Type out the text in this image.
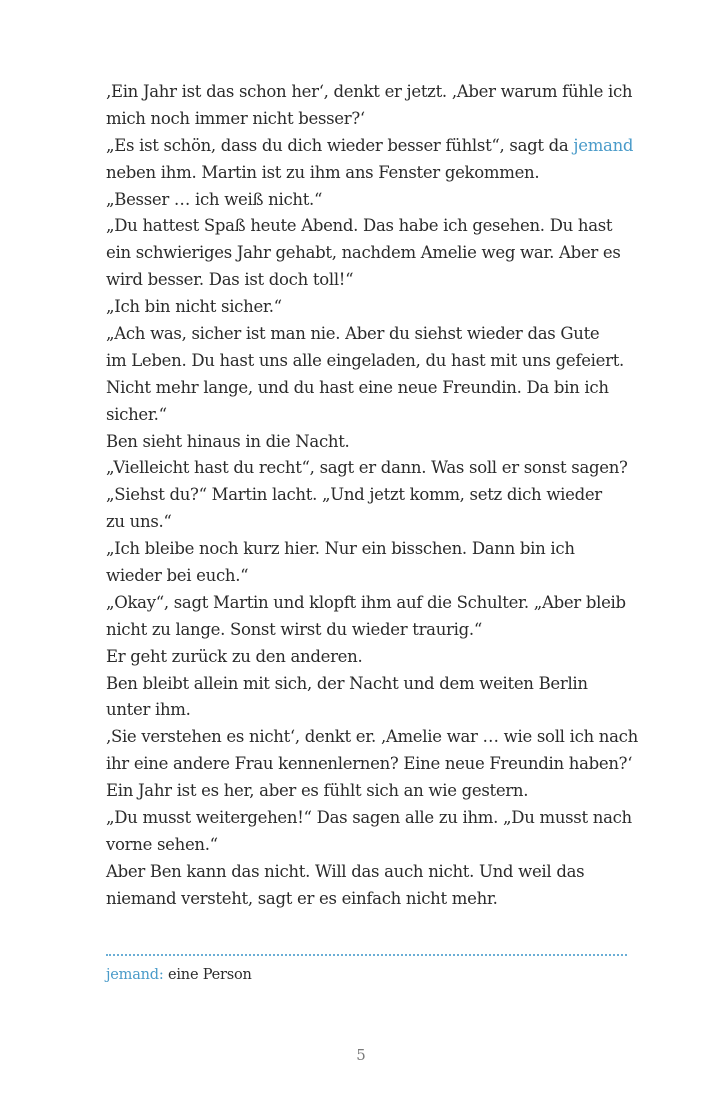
‚Ein Jahr ist das schon her‘, denkt er jetzt. ‚Aber warum fühle ich
mich noch immer nicht besser?‘
„Es ist schön, dass du dich wieder besser fühlst“, sagt da jemand
neben ihm. Martin ist zu ihm ans Fenster gekommen.
„Besser … ich weiß nicht.“
„Du hattest Spaß heute Abend. Das habe ich gesehen. Du hast
ein schwieriges Jahr gehabt, nachdem Amelie weg war. Aber es
wird besser. Das ist doch toll!“
„Ich bin nicht sicher.“
„Ach was, sicher ist man nie. Aber du siehst wieder das Gute
im Leben. Du hast uns alle eingeladen, du hast mit uns gefeiert.
Nicht mehr lange, und du hast eine neue Freundin. Da bin ich
sicher.“
Ben sieht hinaus in die Nacht.
„Vielleicht hast du recht“, sagt er dann. Was soll er sonst sagen?
„Siehst du?“ Martin lacht. „Und jetzt komm, setz dich wieder
zu uns.“
„Ich bleibe noch kurz hier. Nur ein bisschen. Dann bin ich
wieder bei euch.“
„Okay“, sagt Martin und klopft ihm auf die Schulter. „Aber bleib
nicht zu lange. Sonst wirst du wieder traurig.“
Er geht zurück zu den anderen.
Ben bleibt allein mit sich, der Nacht und dem weiten Berlin
unter ihm.
‚Sie verstehen es nicht‘, denkt er. ‚Amelie war … wie soll ich nach
ihr eine andere Frau kennenlernen? Eine neue Freundin haben?‘
Ein Jahr ist es her, aber es fühlt sich an wie gestern.
„Du musst weitergehen!“ Das sagen alle zu ihm. „Du musst nach
vorne sehen.“
Aber Ben kann das nicht. Will das auch nicht. Und weil das
niemand versteht, sagt er es einfach nicht mehr.
jemand: eine Person
5
